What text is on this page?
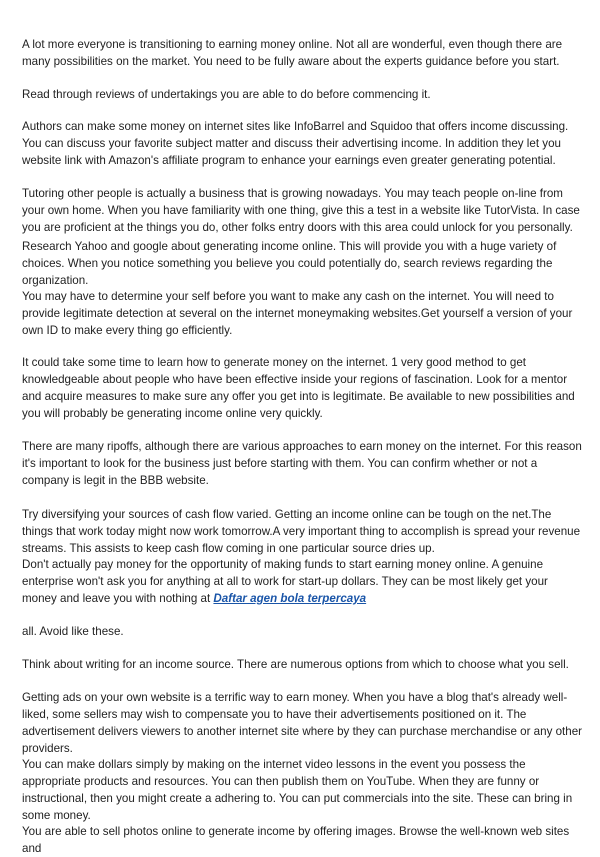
A lot more everyone is transitioning to earning money online. Not all are wonderful, even though there are many possibilities on the market. You need to be fully aware about the experts guidance before you start.

Read through reviews of undertakings you are able to do before commencing it.

Authors can make some money on internet sites like InfoBarrel and Squidoo that offers income discussing. You can discuss your favorite subject matter and discuss their advertising income. In addition they let you website link with Amazon's affiliate program to enhance your earnings even greater generating potential.

Tutoring other people is actually a business that is growing nowadays. You may teach people on-line from your own home. When you have familiarity with one thing, give this a test in a website like TutorVista. In case you are proficient at the things you do, other folks entry doors with this area could unlock for you personally.

Research Yahoo and google about generating income online. This will provide you with a huge variety of choices. When you notice something you believe you could potentially do, search reviews regarding the organization.

You may have to determine your self before you want to make any cash on the internet. You will need to provide legitimate detection at several on the internet moneymaking websites.Get yourself a version of your own ID to make every thing go efficiently.

It could take some time to learn how to generate money on the internet. 1 very good method to get knowledgeable about people who have been effective inside your regions of fascination. Look for a mentor and acquire measures to make sure any offer you get into is legitimate. Be available to new possibilities and you will probably be generating income online very quickly.

There are many ripoffs, although there are various approaches to earn money on the internet. For this reason it's important to look for the business just before starting with them. You can confirm whether or not a company is legit in the BBB website.

Try diversifying your sources of cash flow varied. Getting an income online can be tough on the net.The things that work today might now work tomorrow.A very important thing to accomplish is spread your revenue streams. This assists to keep cash flow coming in one particular source dries up.

Don't actually pay money for the opportunity of making funds to start earning money online. A genuine enterprise won't ask you for anything at all to work for start-up dollars. They can be most likely get your money and leave you with nothing at Daftar agen bola terpercaya

all. Avoid like these.

Think about writing for an income source. There are numerous options from which to choose what you sell.

Getting ads on your own website is a terrific way to earn money. When you have a blog that's already well-liked, some sellers may wish to compensate you to have their advertisements positioned on it. The advertisement delivers viewers to another internet site where by they can purchase merchandise or any other providers.

You can make dollars simply by making on the internet video lessons in the event you possess the appropriate products and resources. You can then publish them on YouTube. When they are funny or instructional, then you might create a adhering to. You can put commercials into the site. These can bring in some money.

You are able to sell photos online to generate income by offering images. Browse the well-known web sites and
